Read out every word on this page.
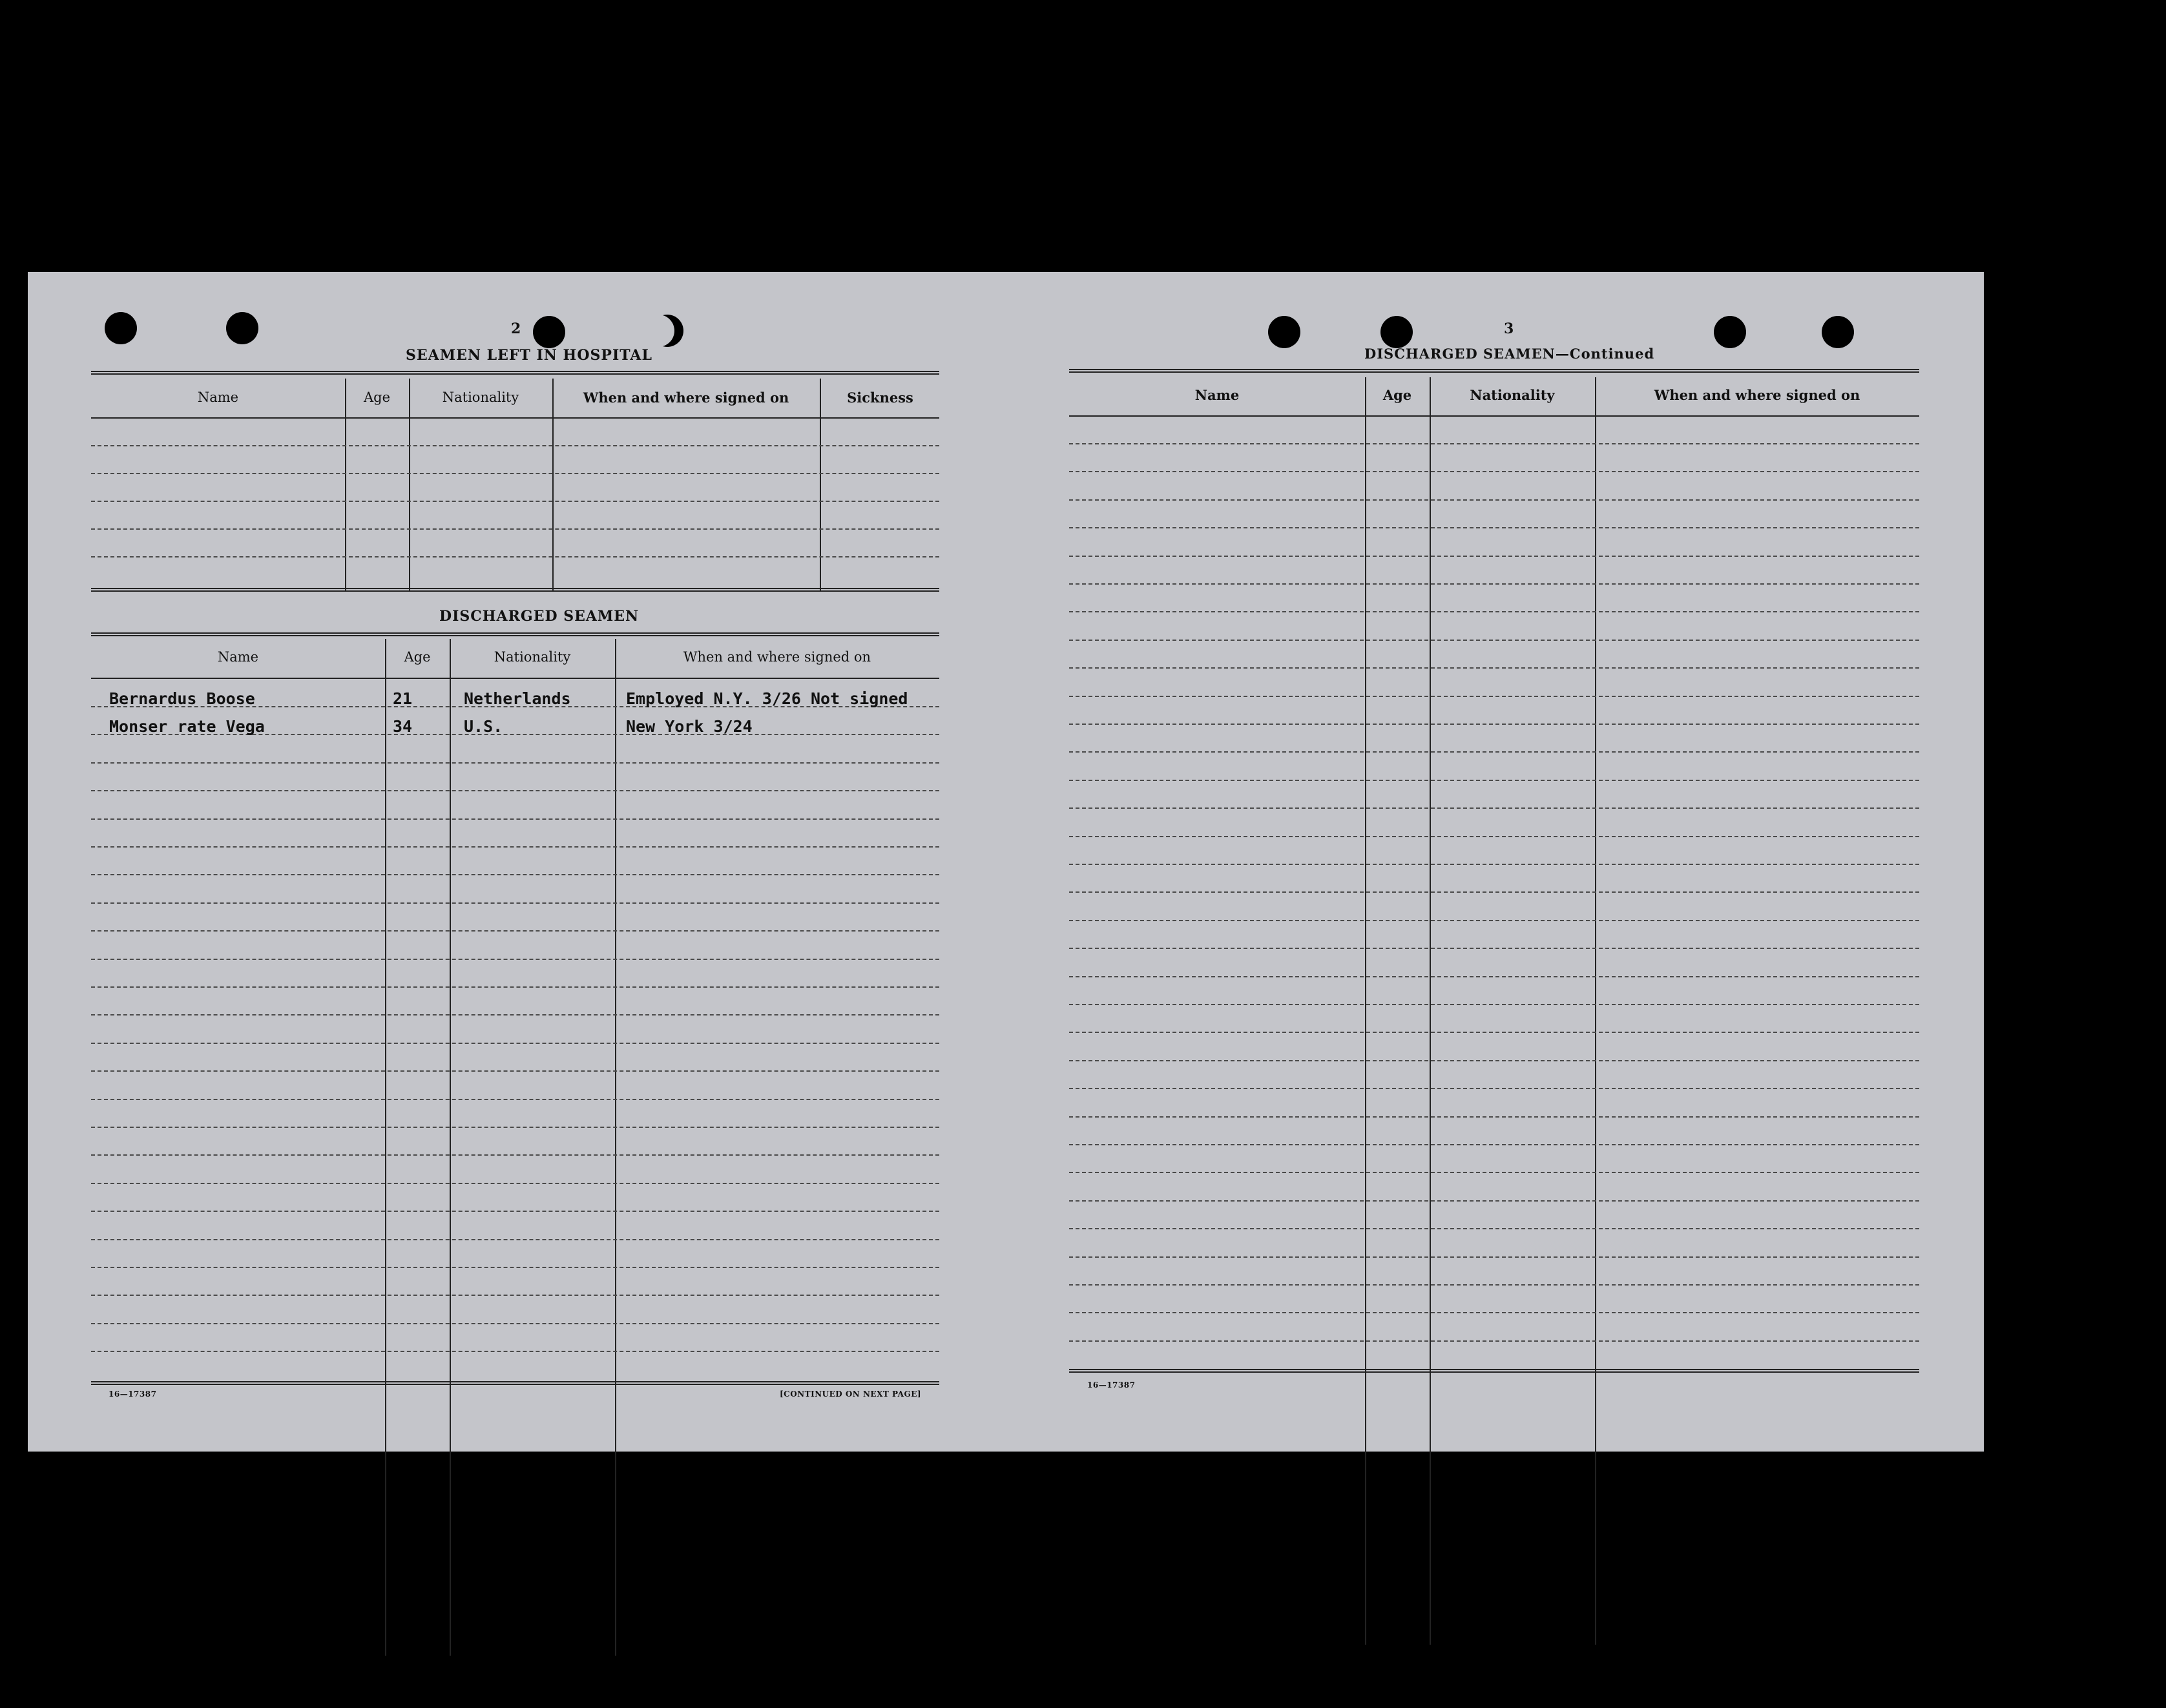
2
SEAMEN LEFT IN HOSPITAL
Name	Age	Nationality	When and where signed on	Sickness
DISCHARGED SEAMEN
Name	Age	Nationality	When and where signed on
Bernardus Boose	21	Netherlands	Employed N.Y. 3/26 Not signed
Monser rate Vega	34	U.S.	New York 3/24
16—17387	[CONTINUED ON NEXT PAGE]
3
DISCHARGED SEAMEN—Continued
Name	Age	Nationality	When and where signed on
16—17387
